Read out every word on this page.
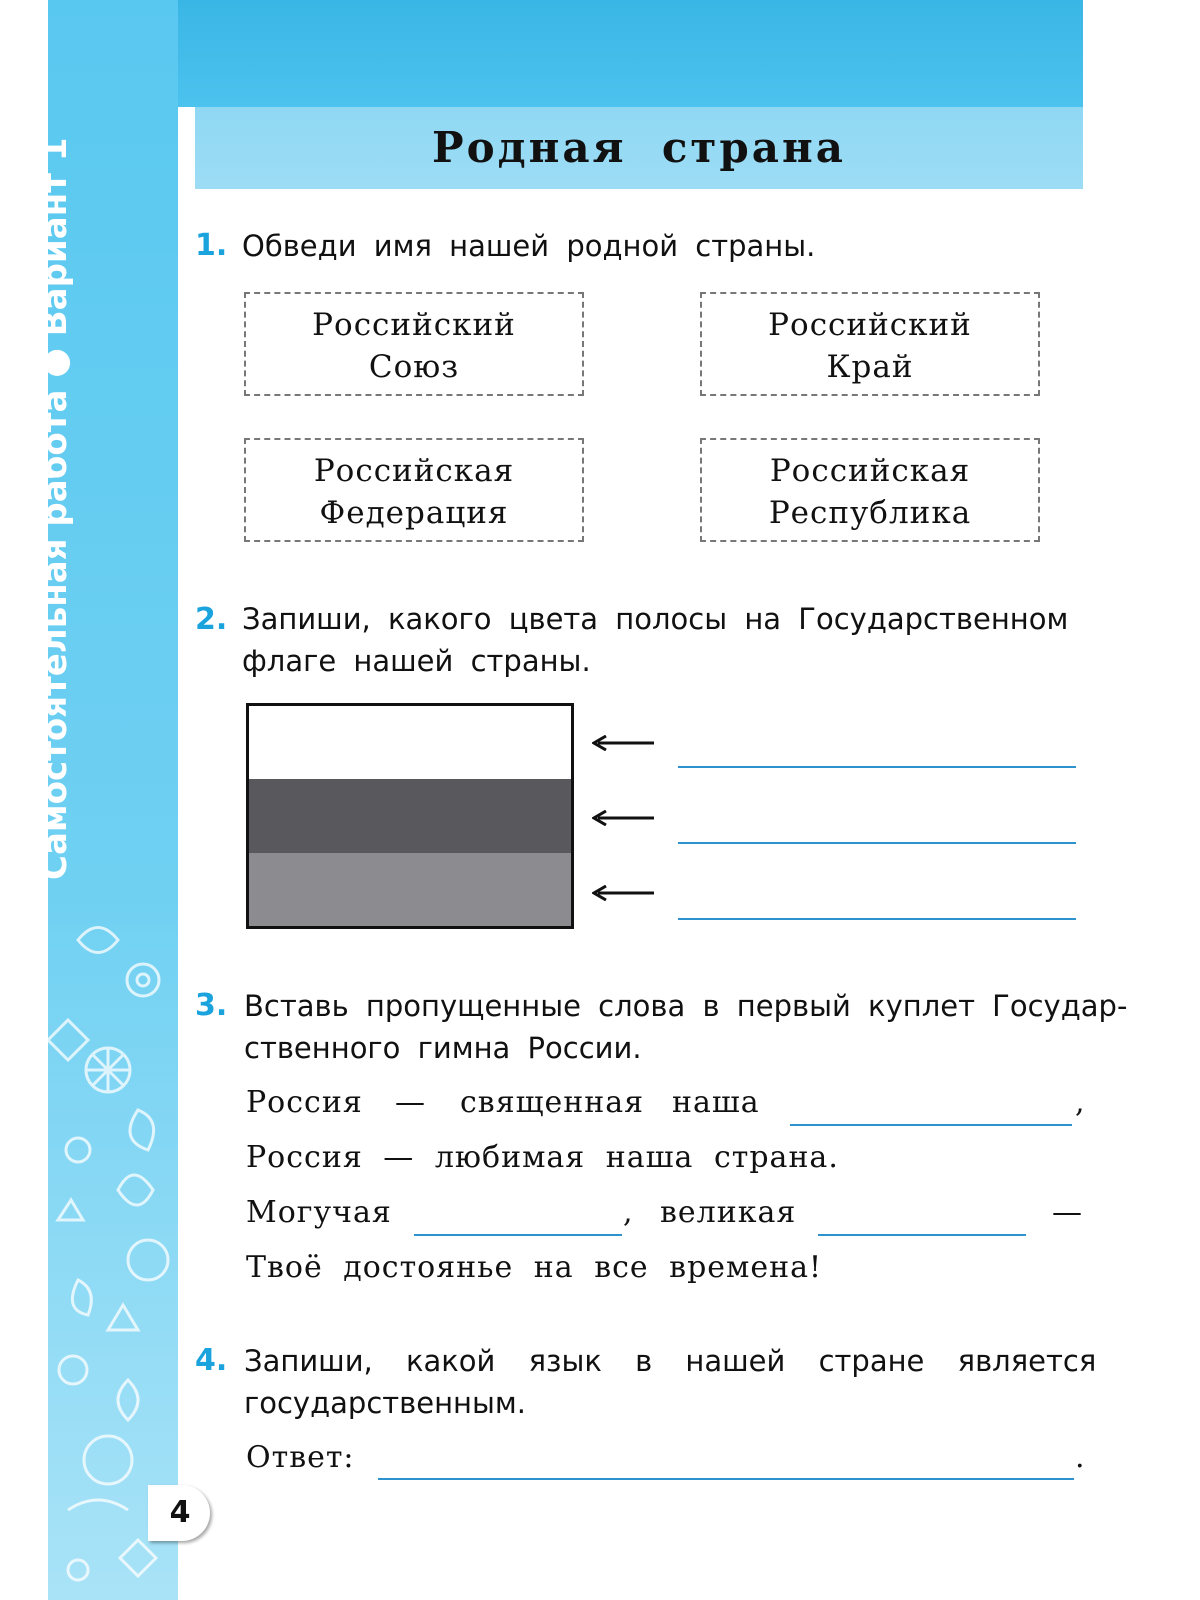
Родная  страна
Самостоятельная работа ● Вариант 1	1. Обведи имя нашей родной страны.
Российский
Союз
Российский
Край
Российская
Федерация
Российская
Республика
2. Запиши, какого цвета полосы на Государственном
флаге нашей страны.
3. Вставь пропущенные слова в первый куплет Государ-
ственного гимна России.
Россия — священная наша	,
Россия — любимая наша страна.
Могучая	, великая	—
Твоё достоянье на все времена!
4. Запиши, какой язык в нашей стране является
государственным.
Ответ:	.
4
